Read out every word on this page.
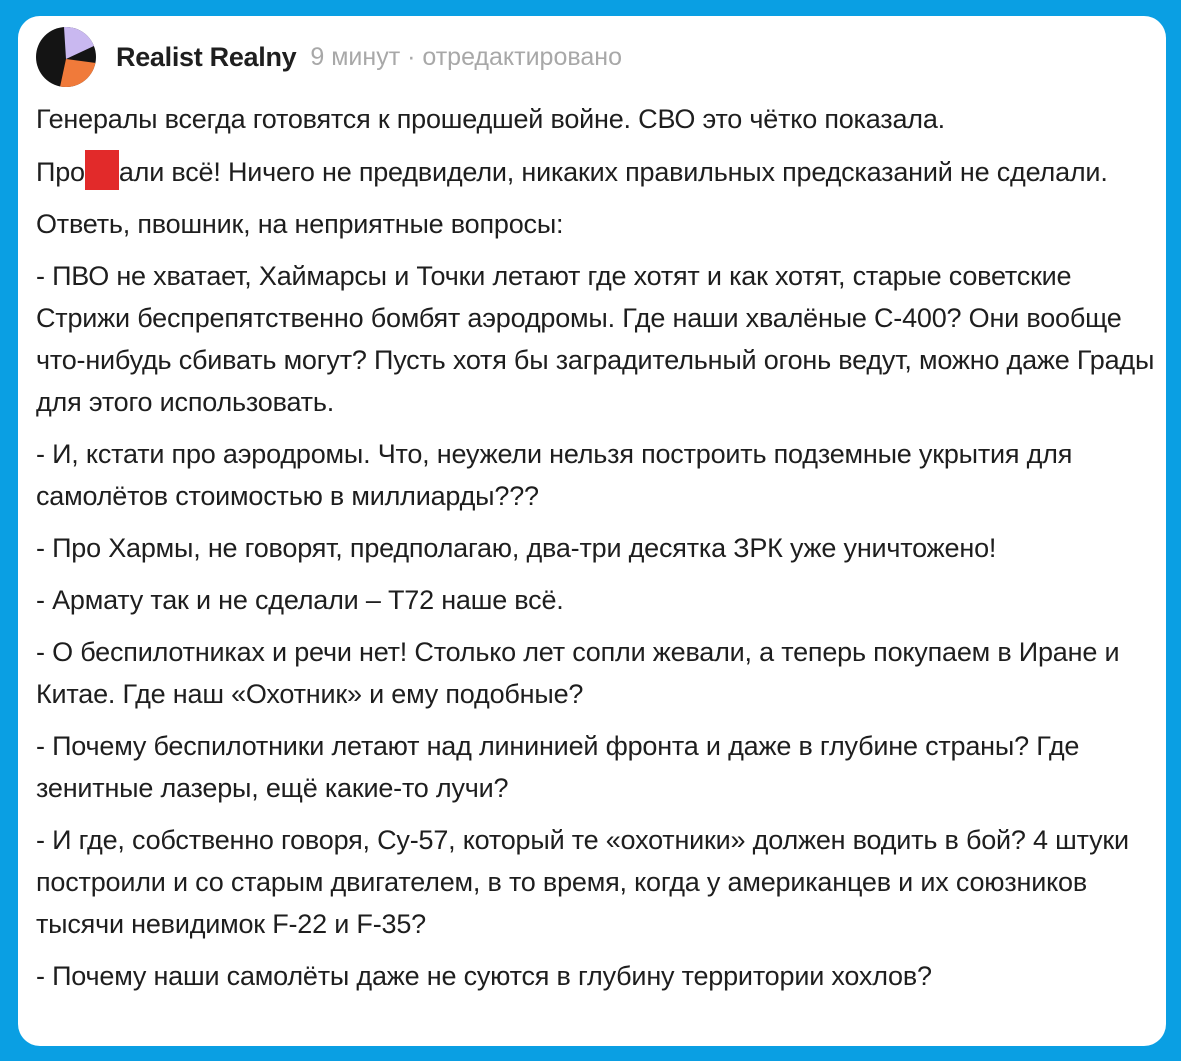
Realist Realny 9 минут · отредактировано

Генералы всегда готовятся к прошедшей войне. СВО это чётко показала.

Про али всё! Ничего не предвидели, никаких правильных предсказаний не сделали.

Ответь, пвошник, на неприятные вопросы:

- ПВО не хватает, Хаймарсы и Точки летают где хотят и как хотят, старые советские Стрижи беспрепятственно бомбят аэродромы. Где наши хвалёные С-400? Они вообще что-нибудь сбивать могут? Пусть хотя бы заградительный огонь ведут, можно даже Грады для этого использовать.

- И, кстати про аэродромы. Что, неужели нельзя построить подземные укрытия для самолётов стоимостью в миллиарды???

- Про Хармы, не говорят, предполагаю, два-три десятка ЗРК уже уничтожено!

- Армату так и не сделали – Т72 наше всё.

- О беспилотниках и речи нет! Столько лет сопли жевали, а теперь покупаем в Иране и Китае. Где наш «Охотник» и ему подобные?

- Почему беспилотники летают над лининией фронта и даже в глубине страны? Где зенитные лазеры, ещё какие-то лучи?

- И где, собственно говоря, Су-57, который те «охотники» должен водить в бой? 4 штуки построили и со старым двигателем, в то время, когда у американцев и их союзников тысячи невидимок F-22 и F-35?

- Почему наши самолёты даже не суются в глубину территории хохлов?
